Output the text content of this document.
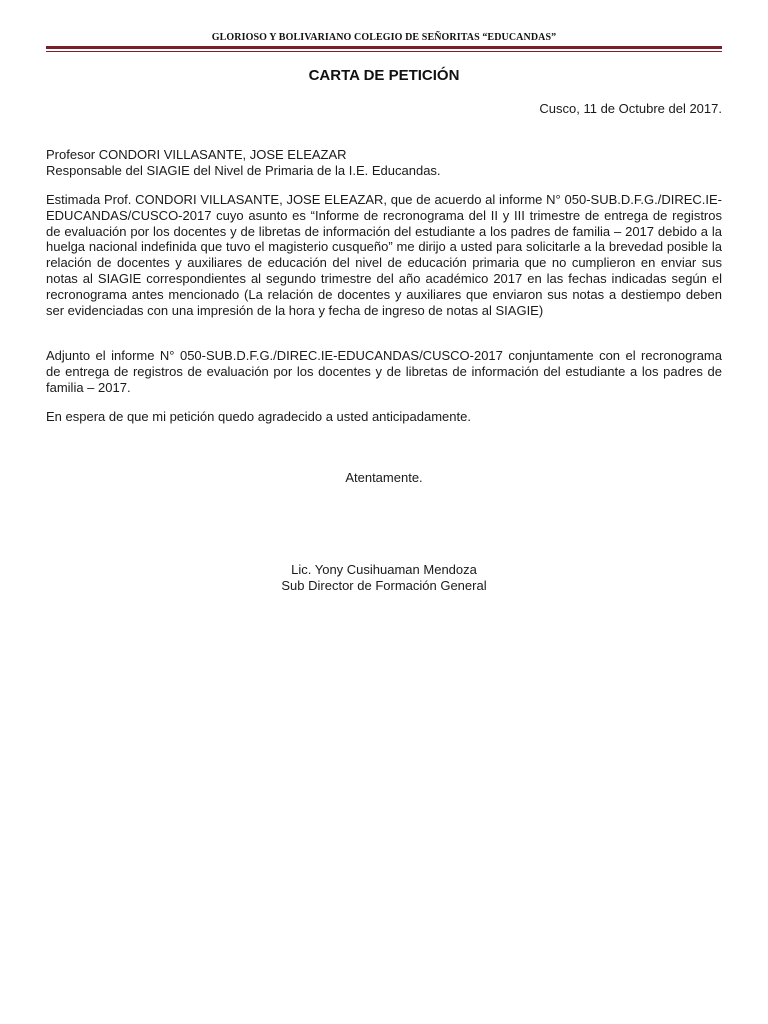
GLORIOSO Y BOLIVARIANO COLEGIO DE SEÑORITAS “EDUCANDAS”
CARTA DE PETICIÓN
Cusco, 11 de Octubre del 2017.
Profesor CONDORI VILLASANTE, JOSE ELEAZAR
Responsable del SIAGIE del Nivel de Primaria de la I.E. Educandas.
Estimada Prof. CONDORI VILLASANTE, JOSE ELEAZAR, que de acuerdo al informe N° 050-SUB.D.F.G./DIREC.IE-EDUCANDAS/CUSCO-2017 cuyo asunto es “Informe de recronograma del II y III trimestre de entrega de registros de evaluación por los docentes y de libretas de información del estudiante a los padres de familia – 2017 debido a la huelga nacional indefinida que tuvo el magisterio cusqueño” me dirijo a usted para solicitarle a la brevedad posible la relación de docentes y auxiliares de educación del nivel de educación primaria que no cumplieron en enviar sus notas al SIAGIE correspondientes al segundo trimestre del año académico 2017 en las fechas indicadas según el recronograma antes mencionado (La relación de docentes y auxiliares que enviaron sus notas a destiempo deben ser evidenciadas con una impresión de la hora y fecha de ingreso de notas al SIAGIE)
Adjunto el informe N° 050-SUB.D.F.G./DIREC.IE-EDUCANDAS/CUSCO-2017 conjuntamente con el recronograma de entrega de registros de evaluación por los docentes y de libretas de información del estudiante a los padres de familia – 2017.
En espera de que mi petición quedo agradecido a usted anticipadamente.
Atentamente.
Lic. Yony Cusihuaman Mendoza
Sub Director de Formación General
